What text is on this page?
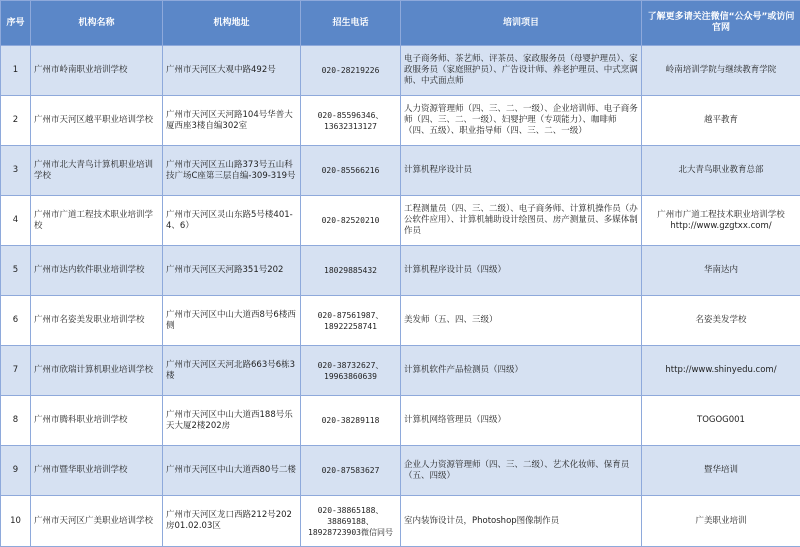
序号	机构名称	机构地址	招生电话	培训项目	了解更多请关注微信“公众号”或访问官网
1	广州市岭南职业培训学校	广州市天河区大观中路492号	020-28219226	电子商务师、茶艺师、评茶员、家政服务员（母婴护理员）、家政服务员（家庭照护员）、广告设计师、养老护理员、中式烹调师、中式面点师	岭南培训学院与继续教育学院
2	广州市天河区越平职业培训学校	广州市天河区天河路104号华普大厦西座3楼自编302室	020-85596346、13632313127	人力资源管理师（四、三、二、一级）、企业培训师、电子商务师（四、三、二、一级）、妇婴护理（专项能力）、咖啡师（四、五级）、职业指导师（四、三、二、一级）	越平教育
3	广州市北大青鸟计算机职业培训学校	广州市天河区五山路373号五山科技广场C座第三层自编-309-319号	020-85566216	计算机程序设计员	北大青鸟职业教育总部
4	广州市广道工程技术职业培训学校	广州市天河区灵山东路5号楼401-4、6）	020-82520210	工程测量员（四、三、二级）、电子商务师、计算机操作员（办公软件应用）、计算机辅助设计绘图员、房产测量员、多媒体制作员	广州市广道工程技术职业培训学校 http://www.gzgtxx.com/
5	广州市达内软件职业培训学校	广州市天河区天河路351号202	18029885432	计算机程序设计员（四级）	华南达内
6	广州市名姿美发职业培训学校	广州市天河区中山大道西8号6楼西侧	020-87561987、18922258741	美发师（五、四、三级）	名姿美发学校
7	广州市欣瑞计算机职业培训学校	广州市天河区天河北路663号6栋3楼	020-38732627、19963860639	计算机软件产品检测员（四级）	http://www.shinyedu.com/
8	广州市腾科职业培训学校	广州市天河区中山大道西188号乐天大厦2楼202房	020-38289118	计算机网络管理员（四级）	TOGOG001
9	广州市暨华职业培训学校	广州市天河区中山大道西80号二楼	020-87583627	企业人力资源管理师（四、三、二级）、艺术化妆师、保育员（五、四级）	暨华培训
10	广州市天河区广美职业培训学校	广州市天河区龙口西路212号202房01.02.03区	020-38865188、38869188、18928723903微信同号	室内装饰设计员，Photoshop图像制作员	广美职业培训
